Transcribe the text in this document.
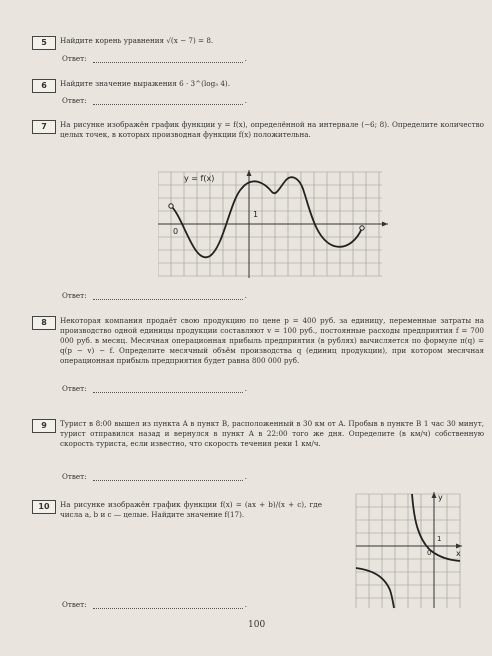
5	Найдите корень уравнения √(x − 7) = 8.
Ответ:	.
6	Найдите значение выражения 6 · 3^(log₃ 4).
Ответ:	.
7	На рисунке изображён график функции y = f(x), определённой на интервале (−6; 8). Определите количество целых точек, в которых производная функции f(x) положительна.
y = f(x)
0
1
Ответ:	.
8	Некоторая компания продаёт свою продукцию по цене p = 400 руб. за единицу, переменные затраты на производство одной единицы продукции составляют v = 100 руб., постоянные расходы предприятия f = 700 000 руб. в месяц. Месячная операционная прибыль предприятия (в рублях) вычисляется по формуле π(q) = q(p − v) − f. Определите месячный объём производства q (единиц продукции), при котором месячная операционная прибыль предприятия будет равна 800 000 руб.
Ответ:	.
9	Турист в 8:00 вышел из пункта A в пункт B, расположенный в 30 км от A. Пробыв в пункте B 1 час 30 минут, турист отправился назад и вернулся в пункт A в 22:00 того же дня. Определите (в км/ч) собственную скорость туриста, если известно, что скорость течения реки 1 км/ч.
Ответ:	.
10	На рисунке изображён график функции f(x) = (ax + b)/(x + c), где числа a, b и c — целые. Найдите значение f(17).
y
x
0
1
Ответ:	.
100
